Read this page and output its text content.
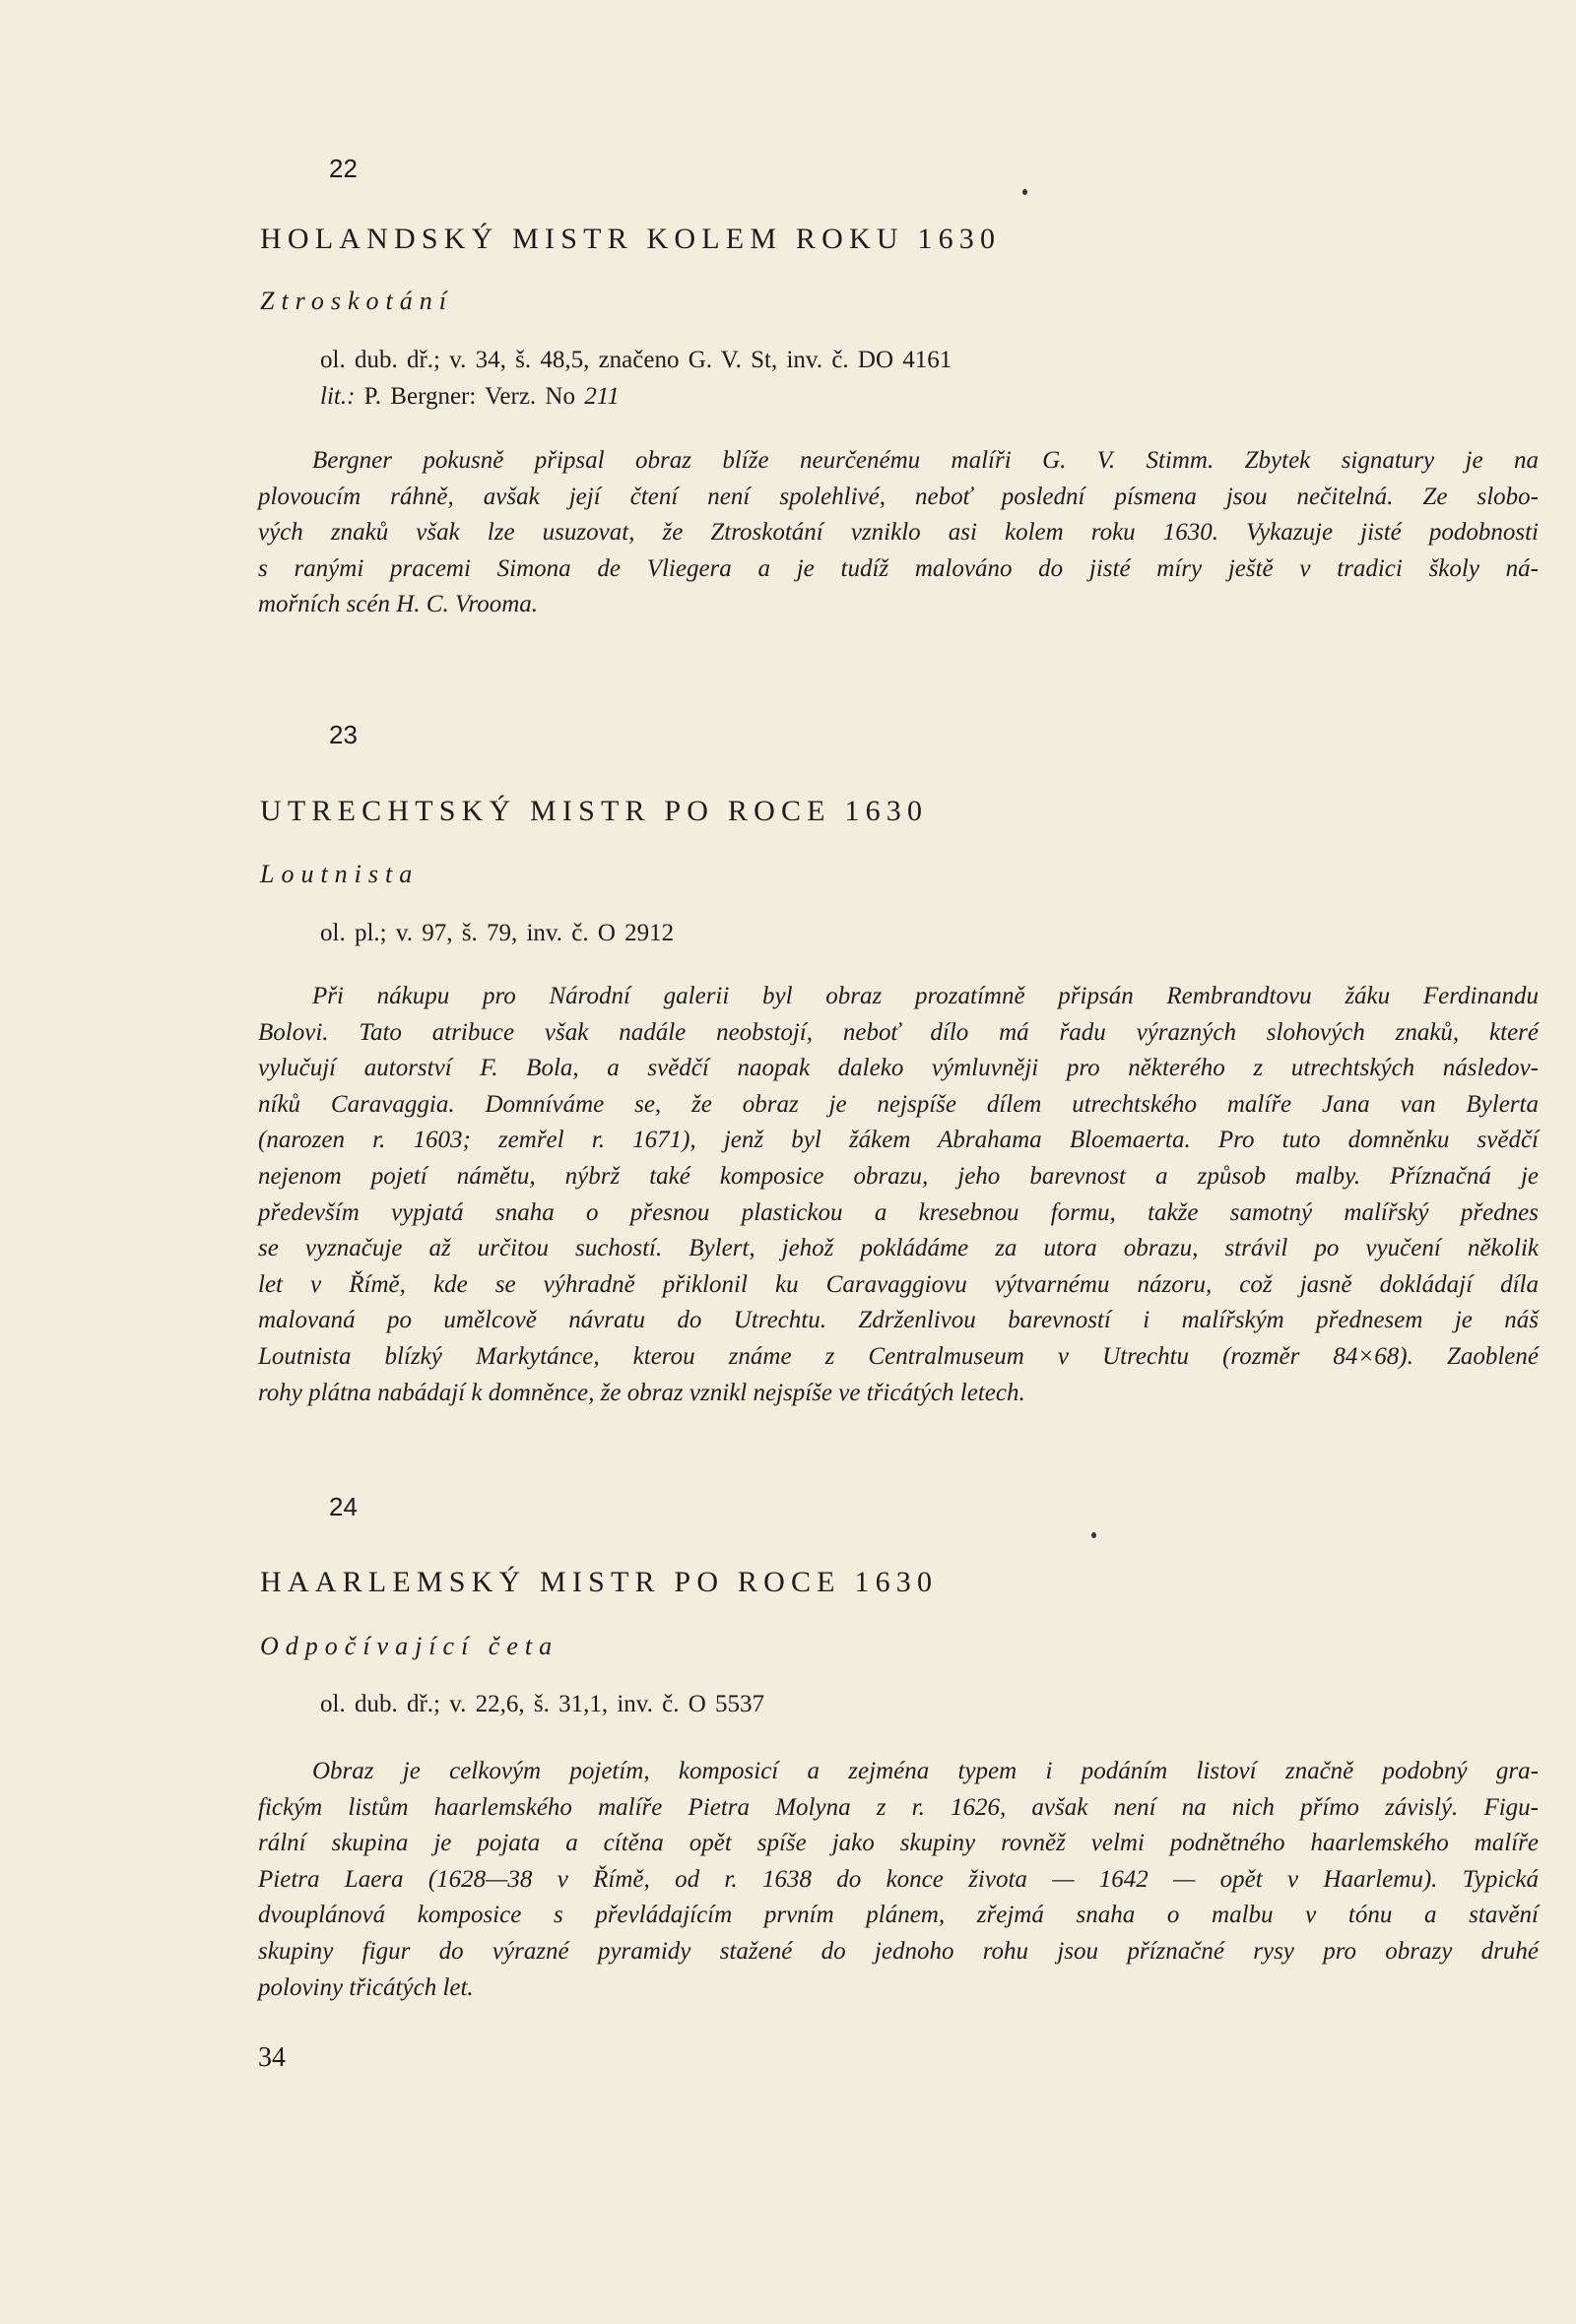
22
HOLANDSKÝ MISTR KOLEM ROKU 1630
Ztroskotání
ol. dub. dř.; v. 34, š. 48,5, značeno G. V. St, inv. č. DO 4161
lit.: P. Bergner: Verz. No 211
Bergner pokusně připsal obraz blíže neurčenému malíři G. V. Stimm. Zbytek signatury je na
plovoucím ráhně, avšak její čtení není spolehlivé, neboť poslední písmena jsou nečitelná. Ze slobo-
vých znaků však lze usuzovat, že Ztroskotání vzniklo asi kolem roku 1630. Vykazuje jisté podobnosti
s ranými pracemi Simona de Vliegera a je tudíž malováno do jisté míry ještě v tradici školy ná-
mořních scén H. C. Vrooma.
23
UTRECHTSKÝ MISTR PO ROCE 1630
Loutnista
ol. pl.; v. 97, š. 79, inv. č. O 2912
Při nákupu pro Národní galerii byl obraz prozatímně připsán Rembrandtovu žáku Ferdinandu
Bolovi. Tato atribuce však nadále neobstojí, neboť dílo má řadu výrazných slohových znaků, které
vylučují autorství F. Bola, a svědčí naopak daleko výmluvněji pro některého z utrechtských následov-
níků Caravaggia. Domníváme se, že obraz je nejspíše dílem utrechtského malíře Jana van Bylerta
(narozen r. 1603; zemřel r. 1671), jenž byl žákem Abrahama Bloemaerta. Pro tuto domněnku svědčí
nejenom pojetí námětu, nýbrž také komposice obrazu, jeho barevnost a způsob malby. Příznačná je
především vypjatá snaha o přesnou plastickou a kresebnou formu, takže samotný malířský přednes
se vyznačuje až určitou suchostí. Bylert, jehož pokládáme za utora obrazu, strávil po vyučení několik
let v Římě, kde se výhradně přiklonil ku Caravaggiovu výtvarnému názoru, což jasně dokládají díla
malovaná po umělcově návratu do Utrechtu. Zdrženlivou barevností i malířským přednesem je náš
Loutnista blízký Markytánce, kterou známe z Centralmuseum v Utrechtu (rozměr 84×68). Zaoblené
rohy plátna nabádají k domněnce, že obraz vznikl nejspíše ve třicátých letech.
24
HAARLEMSKÝ MISTR PO ROCE 1630
Odpočívající četa
ol. dub. dř.; v. 22,6, š. 31,1, inv. č. O 5537
Obraz je celkovým pojetím, komposicí a zejména typem i podáním listoví značně podobný gra-
fickým listům haarlemského malíře Pietra Molyna z r. 1626, avšak není na nich přímo závislý. Figu-
rální skupina je pojata a cítěna opět spíše jako skupiny rovněž velmi podnětného haarlemského malíře
Pietra Laera (1628—38 v Římě, od r. 1638 do konce života — 1642 — opět v Haarlemu). Typická
dvouplánová komposice s převládajícím prvním plánem, zřejmá snaha o malbu v tónu a stavění
skupiny figur do výrazné pyramidy stažené do jednoho rohu jsou příznačné rysy pro obrazy druhé
poloviny třicátých let.
34
